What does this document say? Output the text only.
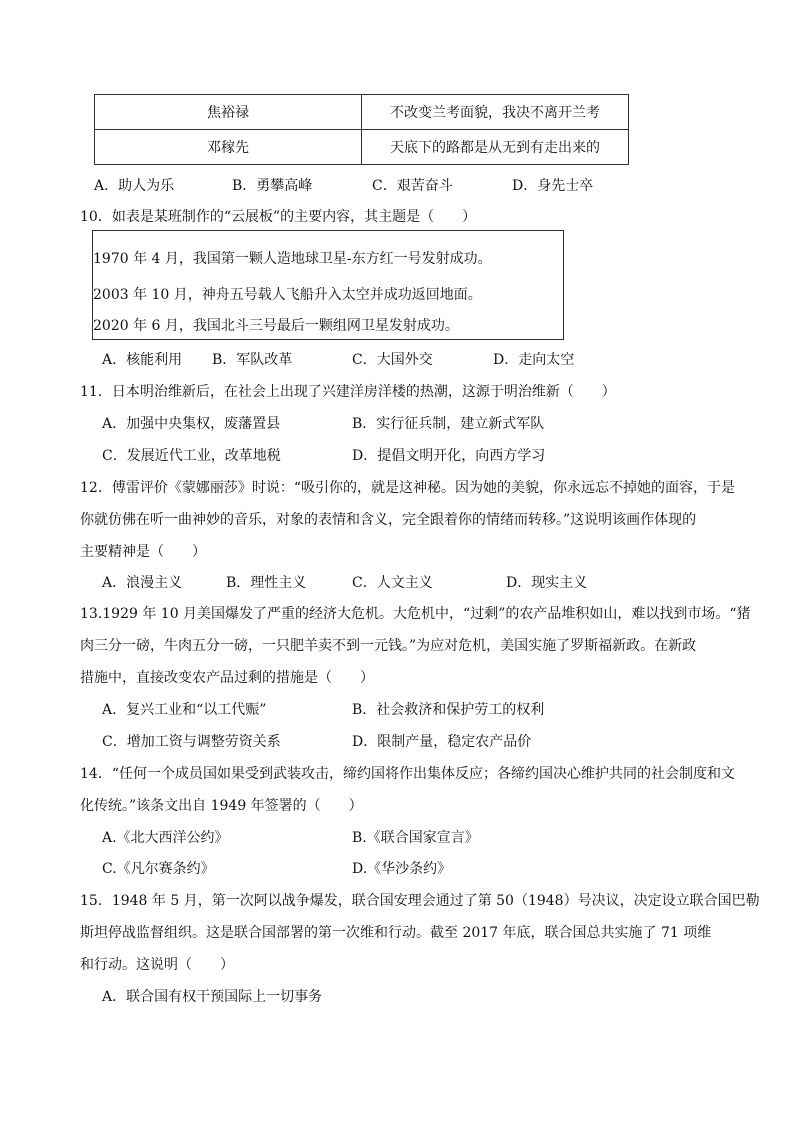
焦裕禄	不改变兰考面貌，我决不离开兰考
邓稼先	天底下的路都是从无到有走出来的
A．助人为乐	B．勇攀高峰	C．艰苦奋斗	D．身先士卒
10．如表是某班制作的“云展板”的主要内容，其主题是（　　）
1970 年 4 月，我国第一颗人造地球卫星-东方红一号发射成功。
2003 年 10 月，神舟五号载人飞船升入太空并成功返回地面。
2020 年 6 月，我国北斗三号最后一颗组网卫星发射成功。
A．核能利用 B．军队改革	C．大国外交	D．走向太空
11．日本明治维新后，在社会上出现了兴建洋房洋楼的热潮，这源于明治维新（　　）
A．加强中央集权，废藩置县	B．实行征兵制，建立新式军队
C．发展近代工业，改革地税	D．提倡文明开化，向西方学习
12．傅雷评价《蒙娜丽莎》时说：“吸引你的，就是这神秘。因为她的美貌，你永远忘不掉她的面容，于是
你就仿佛在听一曲神妙的音乐，对象的表情和含义，完全跟着你的情绪而转移。”这说明该画作体现的
主要精神是（　　）
A．浪漫主义	B．理性主义	C．人文主义	D．现实主义
13.1929 年 10 月美国爆发了严重的经济大危机。大危机中，“过剩”的农产品堆积如山，难以找到市场。“猪
肉三分一磅，牛肉五分一磅，一只肥羊卖不到一元钱。”为应对危机，美国实施了罗斯福新政。在新政
措施中，直接改变农产品过剩的措施是（　　）
A．复兴工业和“以工代赈”	B．社会救济和保护劳工的权利
C．增加工资与调整劳资关系	D．限制产量，稳定农产品价
14．“任何一个成员国如果受到武装攻击，缔约国将作出集体反应；各缔约国决心维护共同的社会制度和文
化传统。”该条文出自 1949 年签署的（　　）
A.《北大西洋公约》	B.《联合国家宣言》
C.《凡尔赛条约》	D.《华沙条约》
15．1948 年 5 月，第一次阿以战争爆发，联合国安理会通过了第 50（1948）号决议，决定设立联合国巴勒
斯坦停战监督组织。这是联合国部署的第一次维和行动。截至 2017 年底，联合国总共实施了 71 项维
和行动。这说明（　　）
A．联合国有权干预国际上一切事务
